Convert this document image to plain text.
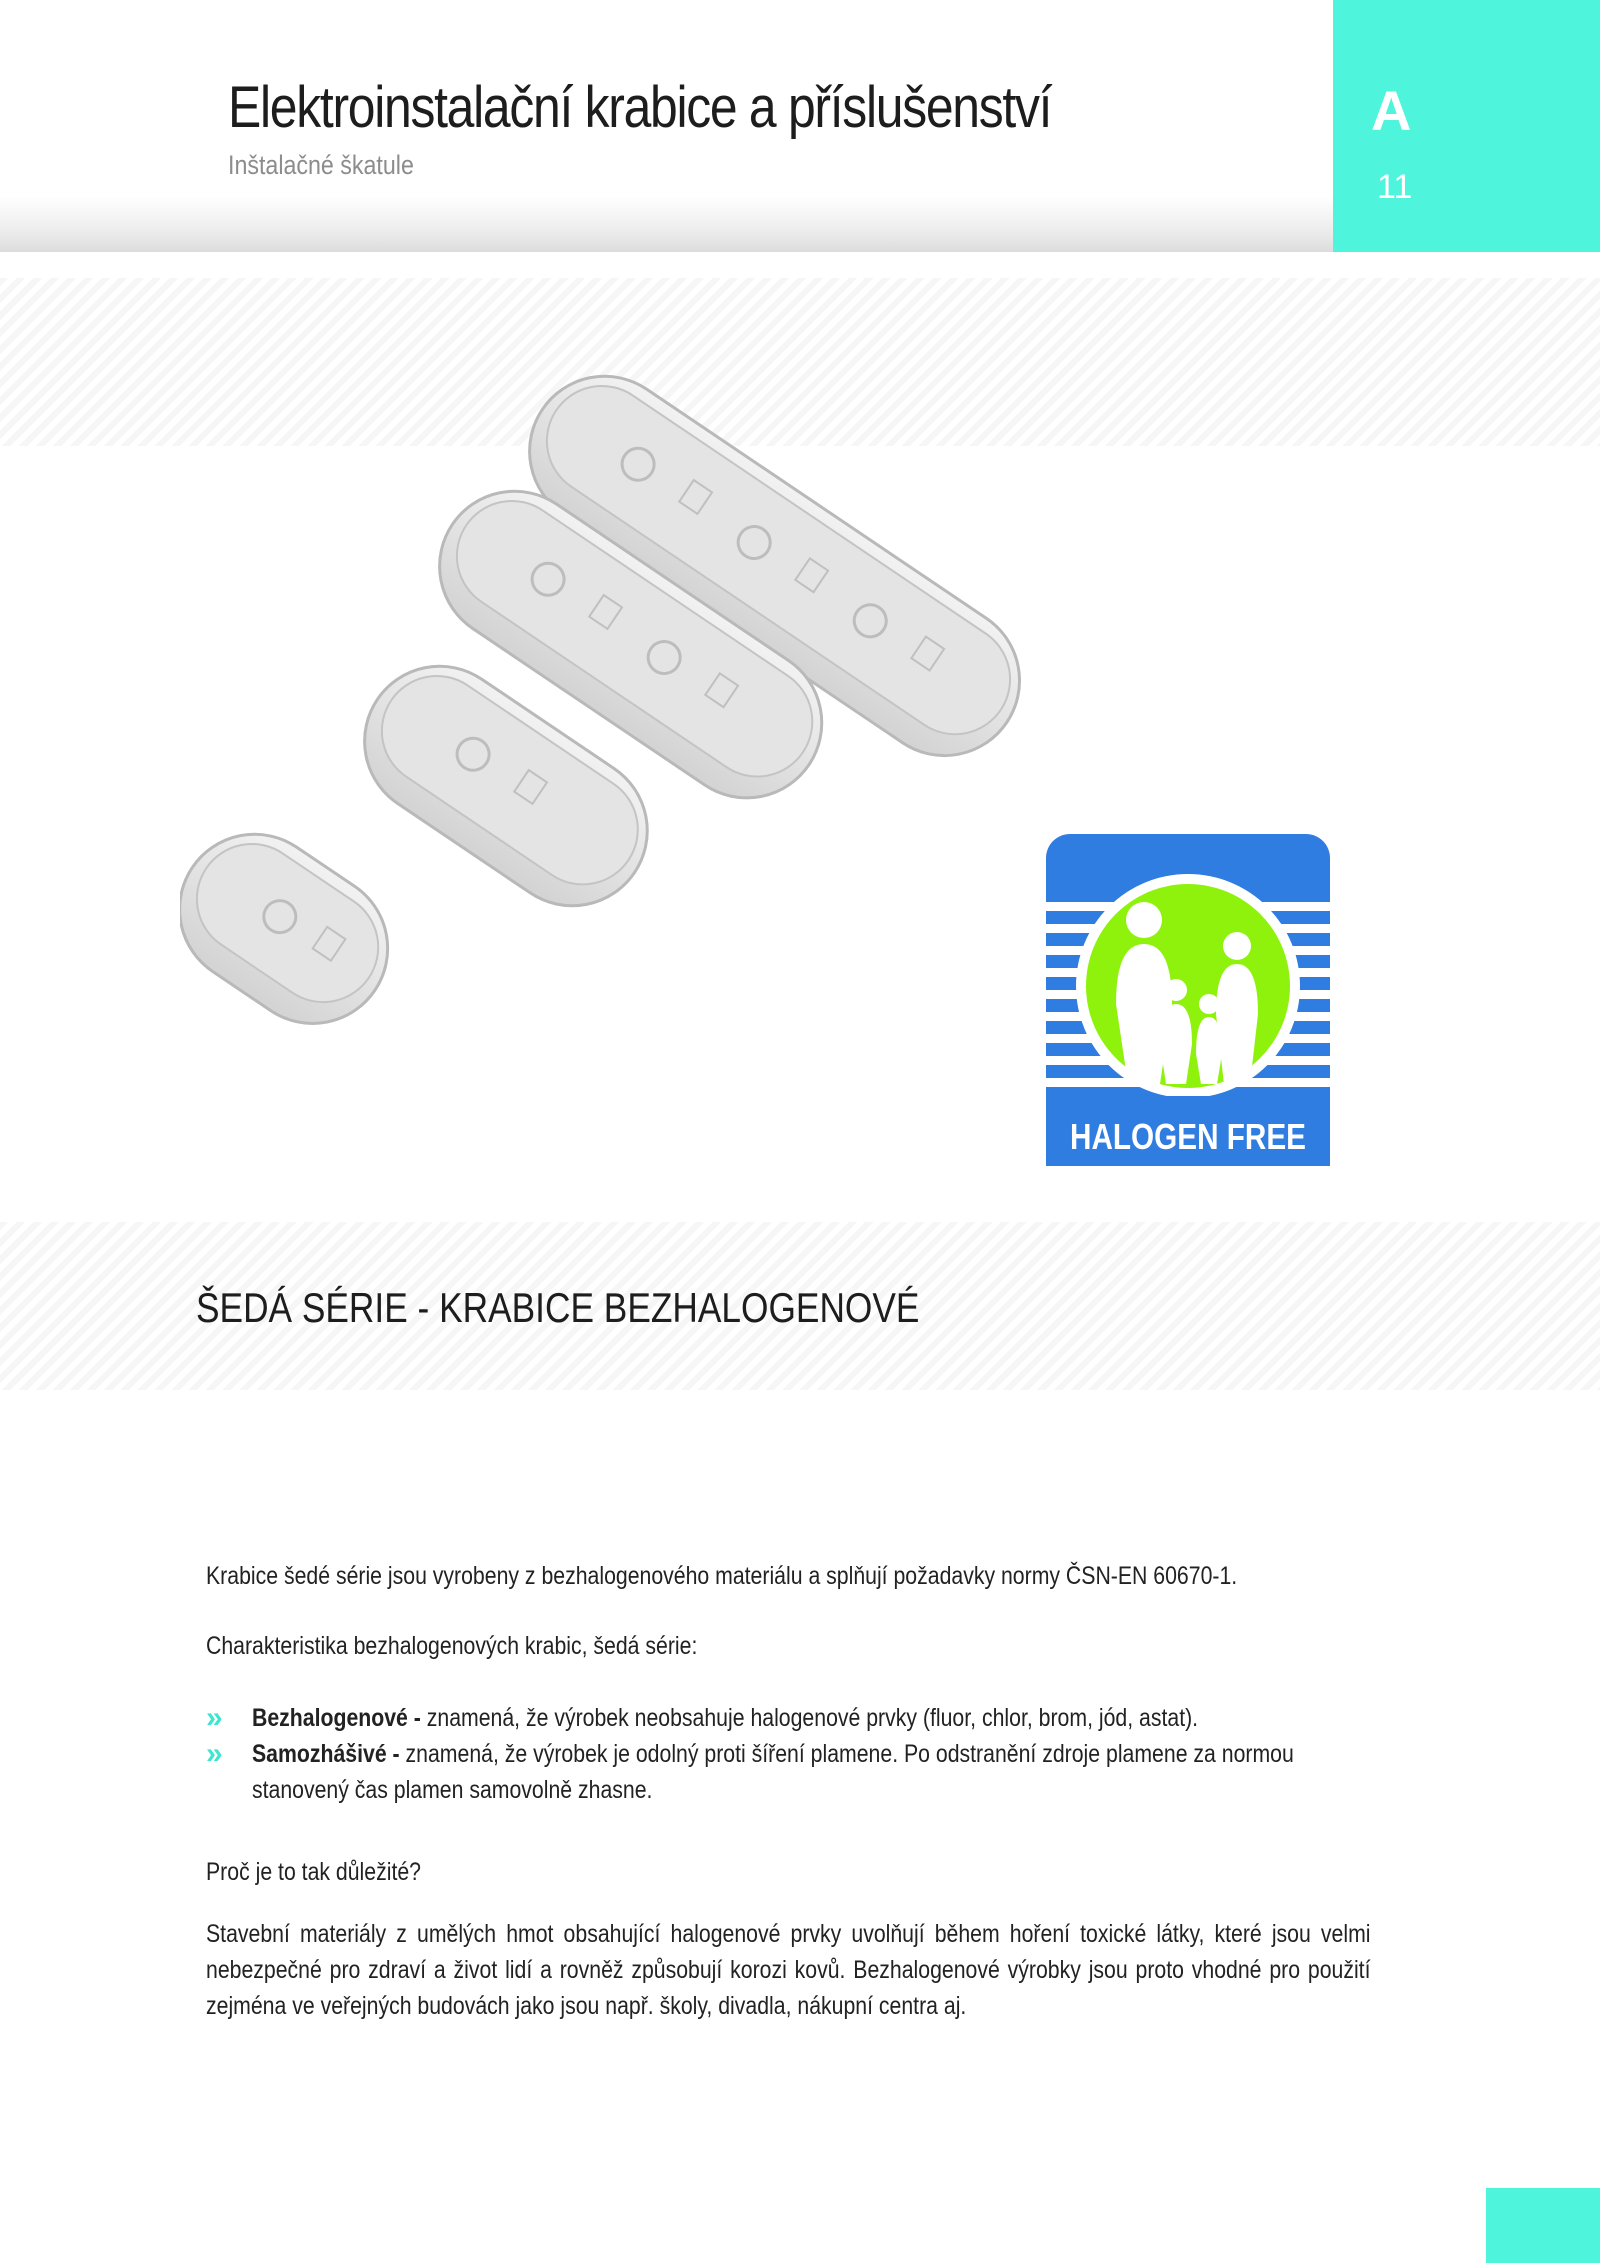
Elektroinstalační krabice a příslušenství
Inštalačné škatule
A
11
HALOGEN FREE
ŠEDÁ SÉRIE - KRABICE BEZHALOGENOVÉ
Krabice šedé série jsou vyrobeny z bezhalogenového materiálu a splňují požadavky normy ČSN-EN 60670-1.
Charakteristika bezhalogenových krabic, šedá série:
» Bezhalogenové - znamená, že výrobek neobsahuje halogenové prvky (fluor, chlor, brom, jód, astat).
» Samozhášivé - znamená, že výrobek je odolný proti šíření plamene. Po odstranění zdroje plamene za normou stanovený čas plamen samovolně zhasne.
Proč je to tak důležité?
Stavební materiály z umělých hmot obsahující halogenové prvky uvolňují během hoření toxické látky, které jsou velmi nebezpečné pro zdraví a život lidí a rovněž způsobují korozi kovů. Bezhalogenové výrobky jsou proto vhodné pro použití zejména ve veřejných budovách jako jsou např. školy, divadla, nákupní centra aj.
